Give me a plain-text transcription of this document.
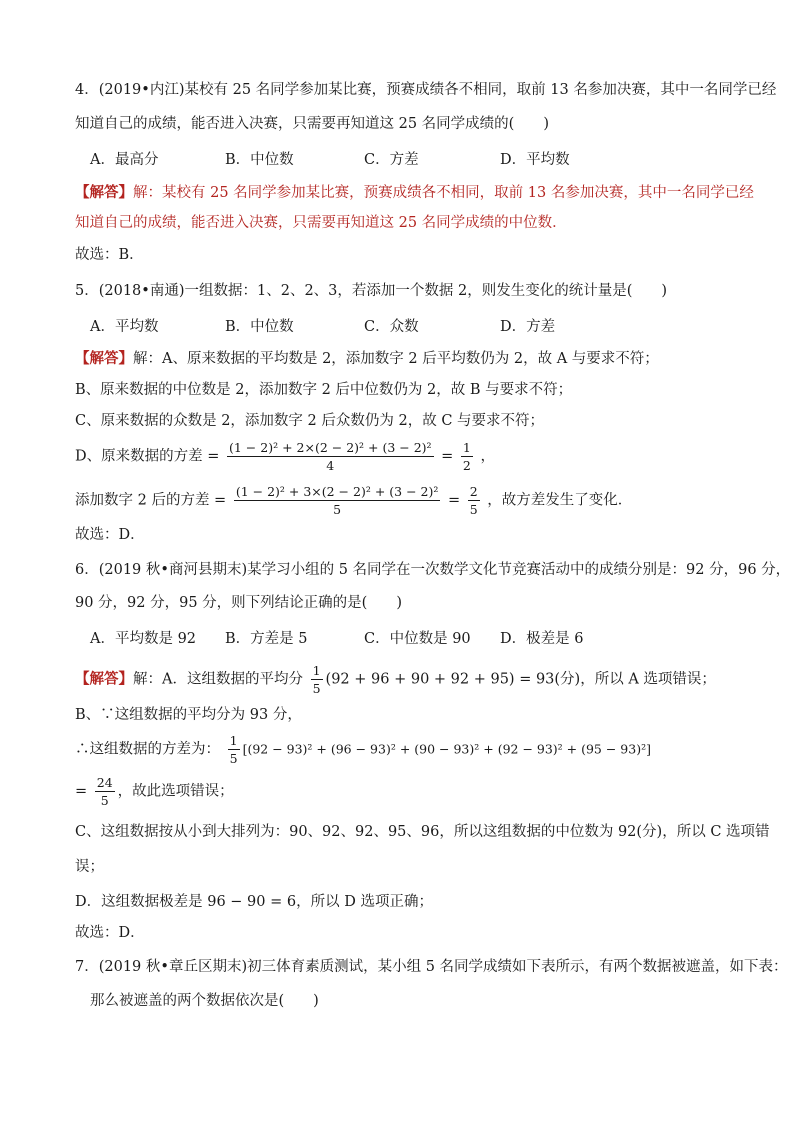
4．(2019•内江)某校有 25 名同学参加某比赛，预赛成绩各不相同，取前 13 名参加决赛，其中一名同学已经
知道自己的成绩，能否进入决赛，只需要再知道这 25 名同学成绩的(　　)
A．最高分	B．中位数	C．方差	D．平均数
【解答】解：某校有 25 名同学参加某比赛，预赛成绩各不相同，取前 13 名参加决赛，其中一名同学已经
知道自己的成绩，能否进入决赛，只需要再知道这 25 名同学成绩的中位数．
故选：B．
5．(2018•南通)一组数据：1、2、2、3，若添加一个数据 2，则发生变化的统计量是(　　)
A．平均数	B．中位数	C．众数	D．方差
【解答】解：A、原来数据的平均数是 2，添加数字 2 后平均数仍为 2，故 A 与要求不符；
B、原来数据的中位数是 2，添加数字 2 后中位数仍为 2，故 B 与要求不符；
C、原来数据的众数是 2，添加数字 2 后众数仍为 2，故 C 与要求不符；
D、原来数据的方差 = $\frac{\text{(1 − 2)² + 2×(2 − 2)² + (3 − 2)²}}{4} = \frac{1}{2}$ ，
添加数字 2 后的方差 = $\frac{\text{(1 − 2)² + 3×(2 − 2)² + (3 − 2)²}}{5} = \frac{2}{5}$ ，故方差发生了变化．
故选：D．
6．(2019 秋•商河县期末)某学习小组的 5 名同学在一次数学文化节竞赛活动中的成绩分别是：92 分，96 分，
90 分，92 分，95 分，则下列结论正确的是(　　)
A．平均数是 92 B．方差是 5	C．中位数是 90 D．极差是 6
【解答】解：A．这组数据的平均分 $\frac{1}{5} (92 + 96 + 90 + 92 + 95) = 93$(分)，所以 A 选项错误；
B、∵这组数据的平均分为 93 分，
∴这组数据的方差为： $\frac{1}{5} [(92 - 93)^2 + (96 - 93)^2 + (90 - 93)^2 + (92 - 93)^2 + (95 - 93)^2]$
= $\frac{24}{5}$ ，故此选项错误；
C、这组数据按从小到大排列为：90、92、92、95、96，所以这组数据的中位数为 92(分)，所以 C 选项错
误；
D．这组数据极差是 96 − 90 = 6，所以 D 选项正确；
故选：D．
7．(2019 秋•章丘区期末)初三体育素质测试，某小组 5 名同学成绩如下表所示，有两个数据被遮盖，如下表：
那么被遮盖的两个数据依次是(　　)
